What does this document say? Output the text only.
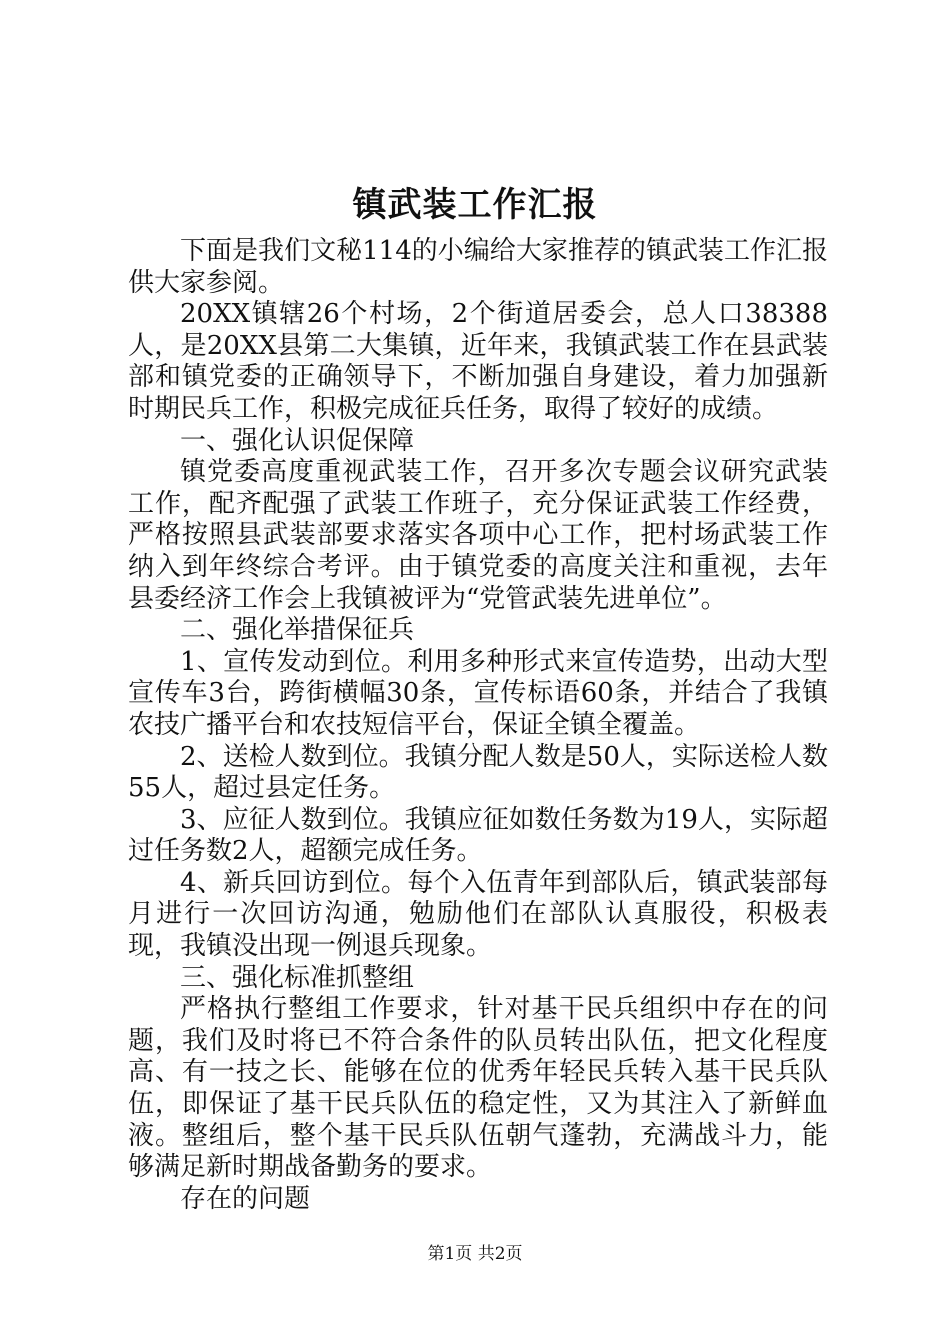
镇武装工作汇报

下面是我们文秘114的小编给大家推荐的镇武装工作汇报供大家参阅。

20XX镇辖26个村场，2个街道居委会，总人口38388人，是20XX县第二大集镇，近年来，我镇武装工作在县武装部和镇党委的正确领导下，不断加强自身建设，着力加强新时期民兵工作，积极完成征兵任务，取得了较好的成绩。

一、强化认识促保障

镇党委高度重视武装工作，召开多次专题会议研究武装工作，配齐配强了武装工作班子，充分保证武装工作经费，严格按照县武装部要求落实各项中心工作，把村场武装工作纳入到年终综合考评。由于镇党委的高度关注和重视，去年县委经济工作会上我镇被评为“党管武装先进单位”。

二、强化举措保征兵

1、宣传发动到位。利用多种形式来宣传造势，出动大型宣传车3台，跨街横幅30条，宣传标语60条，并结合了我镇农技广播平台和农技短信平台，保证全镇全覆盖。

2、送检人数到位。我镇分配人数是50人，实际送检人数55人，超过县定任务。

3、应征人数到位。我镇应征如数任务数为19人，实际超过任务数2人，超额完成任务。

4、新兵回访到位。每个入伍青年到部队后，镇武装部每月进行一次回访沟通，勉励他们在部队认真服役，积极表现，我镇没出现一例退兵现象。

三、强化标准抓整组

严格执行整组工作要求，针对基干民兵组织中存在的问题，我们及时将已不符合条件的队员转出队伍，把文化程度高、有一技之长、能够在位的优秀年轻民兵转入基干民兵队伍，即保证了基干民兵队伍的稳定性，又为其注入了新鲜血液。整组后，整个基干民兵队伍朝气蓬勃，充满战斗力，能够满足新时期战备勤务的要求。

存在的问题

第1页 共2页
